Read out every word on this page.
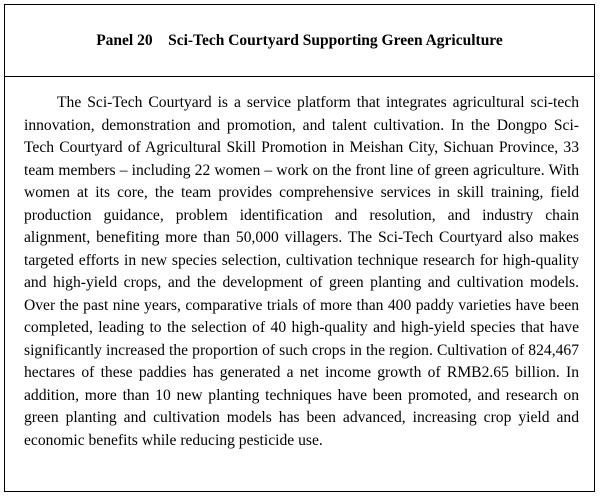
Panel 20 Sci-Tech Courtyard Supporting Green Agriculture

The Sci-Tech Courtyard is a service platform that integrates agricultural sci-tech innovation, demonstration and promotion, and talent cultivation. In the Dongpo Sci-Tech Courtyard of Agricultural Skill Promotion in Meishan City, Sichuan Province, 33 team members – including 22 women – work on the front line of green agriculture. With women at its core, the team provides comprehensive services in skill training, field production guidance, problem identification and resolution, and industry chain alignment, benefiting more than 50,000 villagers. The Sci-Tech Courtyard also makes targeted efforts in new species selection, cultivation technique research for high-quality and high-yield crops, and the development of green planting and cultivation models. Over the past nine years, comparative trials of more than 400 paddy varieties have been completed, leading to the selection of 40 high-quality and high-yield species that have significantly increased the proportion of such crops in the region. Cultivation of 824,467 hectares of these paddies has generated a net income growth of RMB2.65 billion. In addition, more than 10 new planting techniques have been promoted, and research on green planting and cultivation models has been advanced, increasing crop yield and economic benefits while reducing pesticide use.
